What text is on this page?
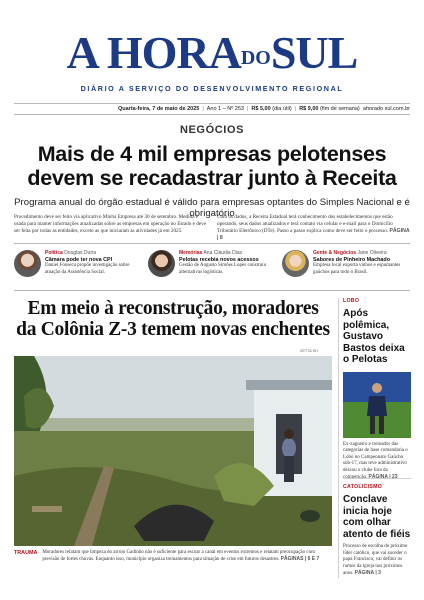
A HORADOSUL
DIÁRIO A SERVIÇO DO DESENVOLVIMENTO REGIONAL
Quarta-feira, 7 de maio de 2025 | Ano 1 – Nº 253 | R$ 5,00 (dia útil) | R$ 9,00 (fim de semana) ahorado sul.com.br
NEGÓCIOS
Mais de 4 mil empresas pelotenses
devem se recadastrar junto à Receita
Programa anual do órgão estadual é válido para empresas optantes do Simples Nacional e é obrigatório

Procedimento deve ser feito via aplicativo Minha Empresa até 30 de setembro. Medida é usada para manter informações atualizadas sobre as empresas em operação no Estado e deve ser feita por todas as entidades, exceto as que iniciaram as atividades já em 2025.

Com os dados, a Receita Estadual terá conhecimento dos estabelecimentos que estão operando, seus dados atualizados e terá contato via celular e e-mail para o Domicílio Tributário Eletrônico (DTe). Passo a passo explica como deve ser feito o processo. PÁGINA | 8

Política Douglas Dutra
Câmara pode ter nova CPI
Daniel Fonseca propõe investigação sobre atuação da Assistência Social.
Memórias Ana Cláudia Dias
Pelotas recebia novos acessos
Gestão de Augusto Simões Lopes construiu alternativas logísticas.
Gente & Negócios Jane Oliveira
Sabores de Pinheiro Machado
Empresa local exporta vinhos e espumantes gaúchos para todo o Brasil.
Em meio à reconstrução, moradores
da Colônia Z-3 temem novas enchentes
ZETTA SH
TRAUMA Moradores relatam que limpeza do arroio Gadinho não é suficiente para escoar a canal em eventos extremos e relatam preocupação com previsão de fortes chuvas. Enquanto isso, município organiza treinamentos para situação de crise em futuros desastres. PÁGINAS | 6 E 7
LOBO
Após polêmica, Gustavo Bastos deixa o Pelotas
Ex-zagueiro e treinador das categorias de base comandaria o Lobo no Campeonato Gaúcho sub-17, mas teve administrativo deixou o clube fora da competição. PÁGINA | 23
CATOLICISMO
Conclave inicia hoje com olhar atento de fiéis
Processo de escolha do próximo líder católico, que vai suceder o papa Francisco, vai definir os rumos da igreja nos próximos anos. PÁGINA | 3
